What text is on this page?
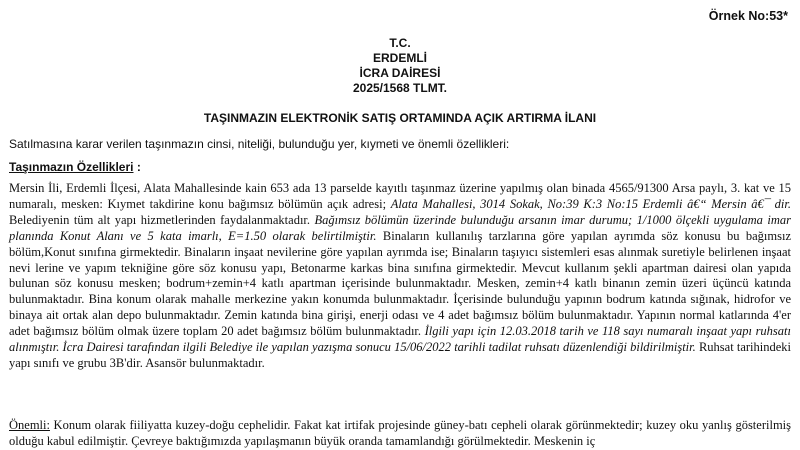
Örnek No:53*
T.C.
ERDEMLİ
İCRA DAİRESİ
2025/1568 TLMT.
TAŞINMAZIN ELEKTRONİK SATIŞ ORTAMINDA AÇIK ARTIRMA İLANI
Satılmasına karar verilen taşınmazın cinsi, niteliği, bulunduğu yer, kıymeti ve önemli özellikleri:
Taşınmazın Özellikleri :
Mersin İli, Erdemli İlçesi, Alata Mahallesinde kain 653 ada 13 parselde kayıtlı taşınmaz üzerine yapılmış olan binada 4565/91300 Arsa paylı, 3. kat ve 15 numaralı, mesken: Kıymet takdirine konu bağımsız bölümün açık adresi; Alata Mahallesi, 3014 Sokak, No:39 K:3 No:15 Erdemli â€“ Mersin â€¯ dir. Belediyenin tüm alt yapı hizmetlerinden faydalanmaktadır. Bağımsız bölümün üzerinde bulunduğu arsanın imar durumu; 1/1000 ölçekli uygulama imar planında Konut Alanı ve 5 kata imarlı, E=1.50 olarak belirtilmiştir. Binaların kullanılış tarzlarına göre yapılan ayrımda söz konusu bu bağımsız bölüm,Konut sınıfına girmektedir. Binaların inşaat nevilerine göre yapılan ayrımda ise; Binaların taşıyıcı sistemleri esas alınmak suretiyle belirlenen inşaat nevi lerine ve yapım tekniğine göre söz konusu yapı, Betonarme karkas bina sınıfına girmektedir. Mevcut kullanım şekli apartman dairesi olan yapıda bulunan söz konusu mesken; bodrum+zemin+4 katlı apartman içerisinde bulunmaktadır. Mesken, zemin+4 katlı binanın zemin üzeri üçüncü katında bulunmaktadır. Bina konum olarak mahalle merkezine yakın konumda bulunmaktadır. İçerisinde bulunduğu yapının bodrum katında sığınak, hidrofor ve binaya ait ortak alan depo bulunmaktadır. Zemin katında bina girişi, enerji odası ve 4 adet bağımsız bölüm bulunmaktadır. Yapının normal katlarında 4'er adet bağımsız bölüm olmak üzere toplam 20 adet bağımsız bölüm bulunmaktadır. İlgili yapı için 12.03.2018 tarih ve 118 sayı numaralı inşaat yapı ruhsatı alınmıştır. İcra Dairesi tarafından ilgili Belediye ile yapılan yazışma sonucu 15/06/2022 tarihli tadilat ruhsatı düzenlendiği bildirilmiştir. Ruhsat tarihindeki yapı sınıfı ve grubu 3B'dir. Asansör bulunmaktadır.
Önemli: Konum olarak fiiliyatta kuzey-doğu cephelidir. Fakat kat irtifak projesinde güney-batı cepheli olarak görünmektedir; kuzey oku yanlış gösterilmiş olduğu kabul edilmiştir. Çevreye baktığımızda yapılaşmanın büyük oranda tamamlandığı görülmektedir. Meskenin iç
